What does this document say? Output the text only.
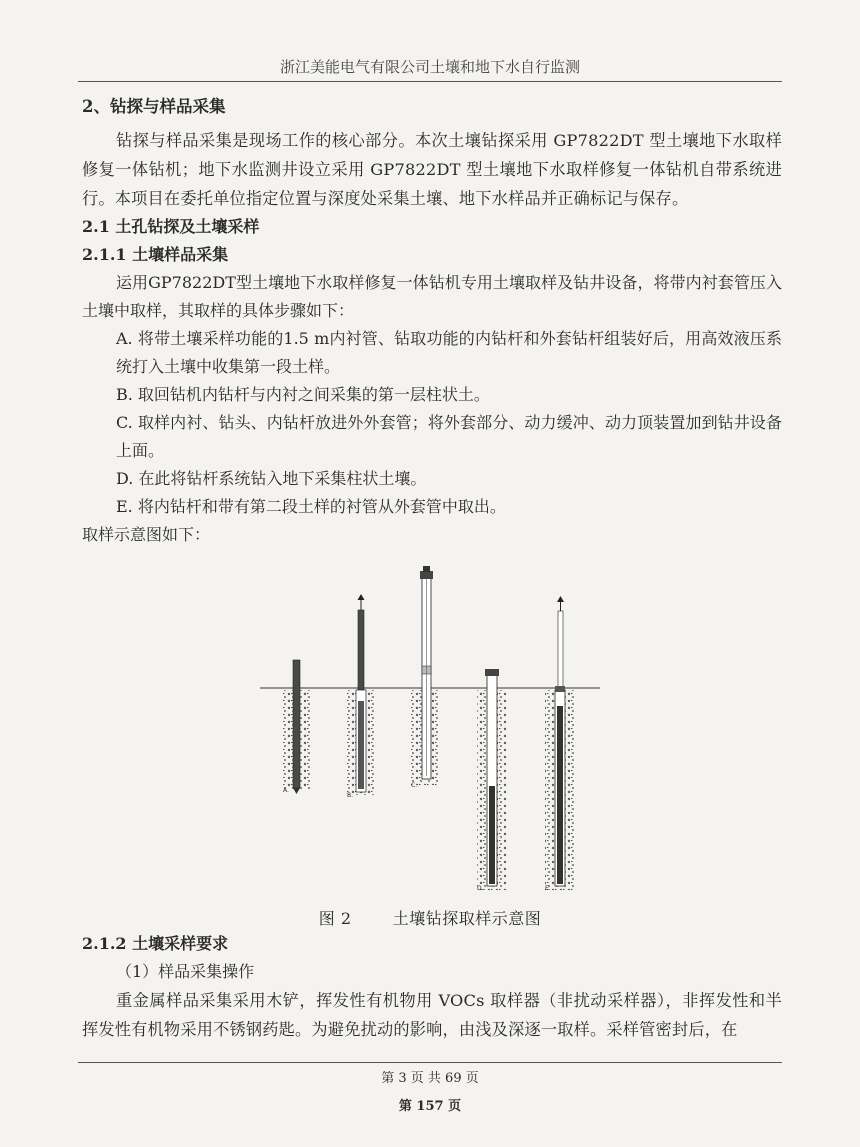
浙江美能电气有限公司土壤和地下水自行监测
2、钻探与样品采集

钻探与样品采集是现场工作的核心部分。本次土壤钻探采用 GP7822DT 型土壤地下水取样修复一体钻机；地下水监测井设立采用 GP7822DT 型土壤地下水取样修复一体钻机自带系统进行。本项目在委托单位指定位置与深度处采集土壤、地下水样品并正确标记与保存。

2.1 土孔钻探及土壤采样
2.1.1 土壤样品采集

运用GP7822DT型土壤地下水取样修复一体钻机专用土壤取样及钻井设备，将带内衬套管压入土壤中取样，其取样的具体步骤如下：

A. 将带土壤采样功能的1.5 m内衬管、钻取功能的内钻杆和外套钻杆组装好后，用高效液压系统打入土壤中收集第一段土样。

B. 取回钻机内钻杆与内衬之间采集的第一层柱状土。

C. 取样内衬、钻头、内钻杆放进外外套管；将外套部分、动力缓冲、动力顶装置加到钻井设备上面。

D. 在此将钻杆系统钻入地下采集柱状土壤。

E. 将内钻杆和带有第二段土样的衬管从外套管中取出。

取样示意图如下：

A.
B.
C.
D.	E.
图 2	土壤钻探取样示意图
2.1.2 土壤采样要求

（1）样品采集操作

重金属样品采集采用木铲，挥发性有机物用 VOCs 取样器（非扰动采样器），非挥发性和半挥发性有机物采用不锈钢药匙。为避免扰动的影响，由浅及深逐一取样。采样管密封后，在

第 3 页 共 69 页
第 157 页
